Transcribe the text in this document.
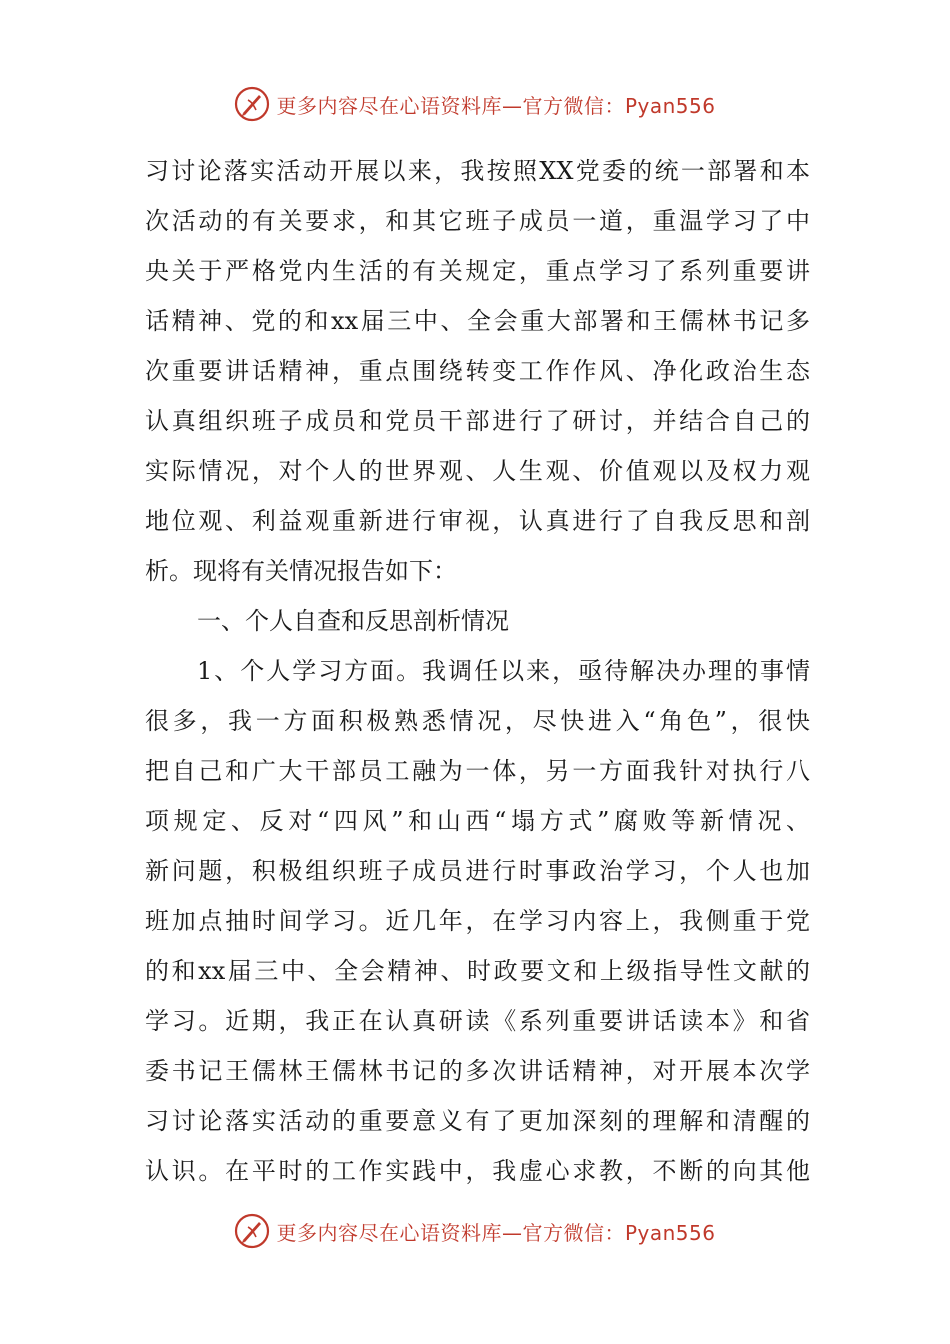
更多内容尽在心语资料库—官方微信：Pyan556
习讨论落实活动开展以来，我按照XX党委的统一部署和本
次活动的有关要求，和其它班子成员一道，重温学习了中
央关于严格党内生活的有关规定，重点学习了系列重要讲
话精神、党的和xx届三中、全会重大部署和王儒林书记多
次重要讲话精神，重点围绕转变工作作风、净化政治生态
认真组织班子成员和党员干部进行了研讨，并结合自己的
实际情况，对个人的世界观、人生观、价值观以及权力观
地位观、利益观重新进行审视，认真进行了自我反思和剖
析。现将有关情况报告如下：
一、个人自查和反思剖析情况
1、个人学习方面。我调任以来，亟待解决办理的事情
很多，我一方面积极熟悉情况，尽快进入“角色”，很快
把自己和广大干部员工融为一体，另一方面我针对执行八
项规定、反对“四风”和山西“塌方式”腐败等新情况、
新问题，积极组织班子成员进行时事政治学习，个人也加
班加点抽时间学习。近几年，在学习内容上，我侧重于党
的和xx届三中、全会精神、时政要文和上级指导性文献的
学习。近期，我正在认真研读《系列重要讲话读本》和省
委书记王儒林王儒林书记的多次讲话精神，对开展本次学
习讨论落实活动的重要意义有了更加深刻的理解和清醒的
认识。在平时的工作实践中，我虚心求教，不断的向其他
更多内容尽在心语资料库—官方微信：Pyan556
